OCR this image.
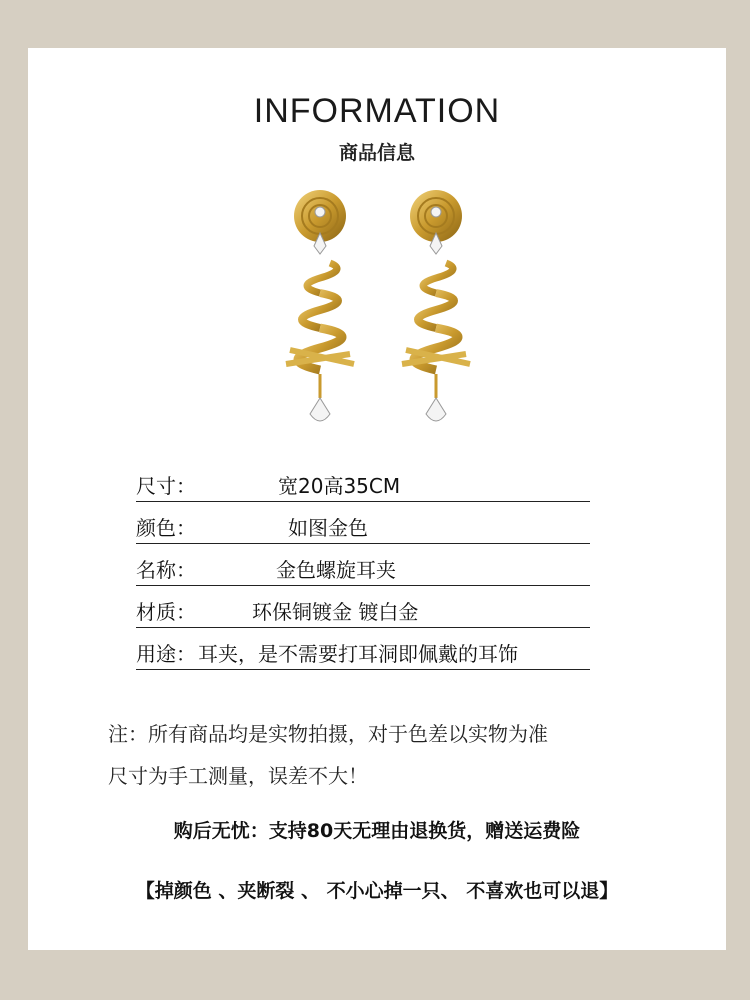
INFORMATION
商品信息
尺寸：	宽20高35CM
颜色：	如图金色
名称：	金色螺旋耳夹
材质：	环保铜镀金 镀白金
用途： 耳夹，是不需要打耳洞即佩戴的耳饰
注：所有商品均是实物拍摄，对于色差以实物为准
尺寸为手工测量，误差不大！
购后无忧：支持80天无理由退换货，赠送运费险
【掉颜色 、夹断裂 、 不小心掉一只、 不喜欢也可以退】
